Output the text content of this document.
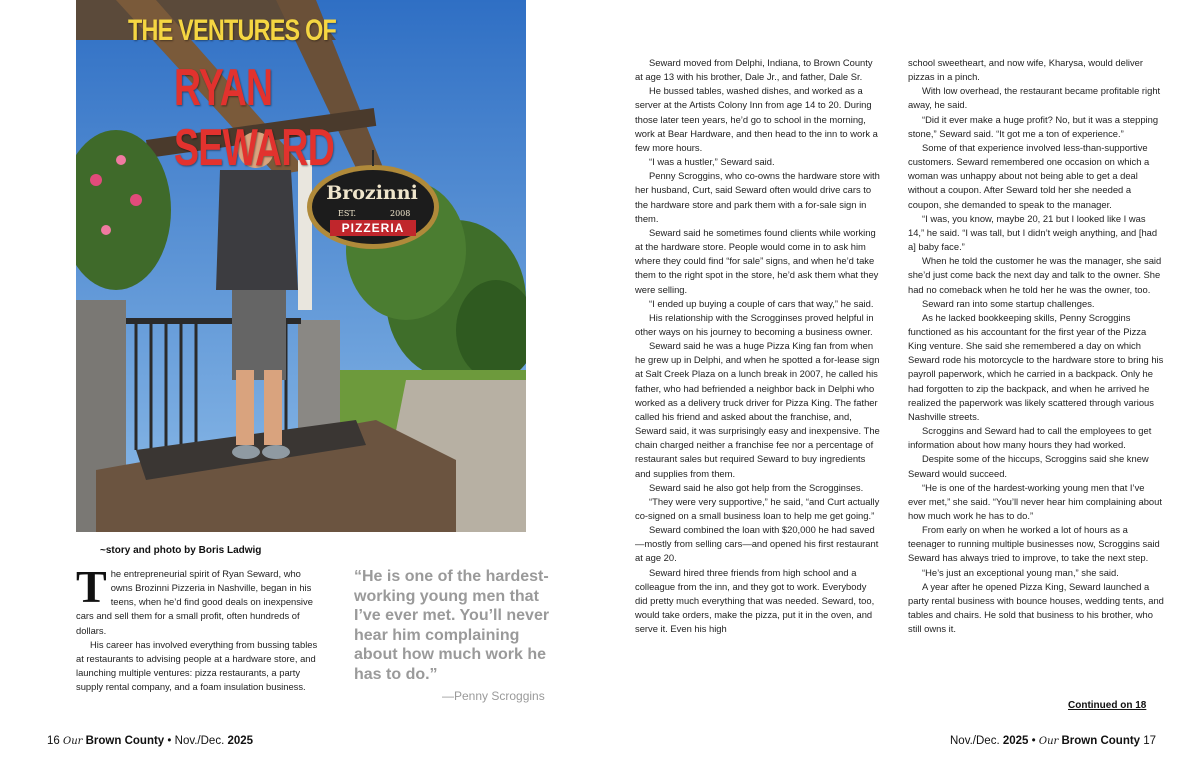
THE VENTURES OF
RYAN SEWARD
Brozinni
EST.	2008
PIZZERIA
~story and photo by Boris Ladwig

The entrepreneurial spirit of Ryan Seward, who owns Brozinni Pizzeria in Nashville, began in his teens, when he’d find good deals on inexpensive cars and sell them for a small profit, often hundreds of dollars.

His career has involved everything from bussing tables at restaurants to advising people at a hardware store, and launching multiple ventures: pizza restaurants, a party supply rental company, and a foam insulation business.

“He is one of the hardest-working young men that I’ve ever met. You’ll never hear him complaining about how much work he has to do.”
—Penny Scroggins

Seward moved from Delphi, Indiana, to Brown County at age 13 with his brother, Dale Jr., and father, Dale Sr.

He bussed tables, washed dishes, and worked as a server at the Artists Colony Inn from age 14 to 20. During those later teen years, he’d go to school in the morning, work at Bear Hardware, and then head to the inn to work a few more hours.

“I was a hustler,” Seward said.

Penny Scroggins, who co-owns the hardware store with her husband, Curt, said Seward often would drive cars to the hardware store and park them with a for-sale sign in them.

Seward said he sometimes found clients while working at the hardware store. People would come in to ask him where they could find “for sale” signs, and when he’d take them to the right spot in the store, he’d ask them what they were selling.

“I ended up buying a couple of cars that way,” he said.

His relationship with the Scrogginses proved helpful in other ways on his journey to becoming a business owner.

Seward said he was a huge Pizza King fan from when he grew up in Delphi, and when he spotted a for-lease sign at Salt Creek Plaza on a lunch break in 2007, he called his father, who had befriended a neighbor back in Delphi who worked as a delivery truck driver for Pizza King. The father called his friend and asked about the franchise, and, Seward said, it was surprisingly easy and inexpensive. The chain charged neither a franchise fee nor a percentage of restaurant sales but required Seward to buy ingredients and supplies from them.

Seward said he also got help from the Scrogginses.

“They were very supportive,” he said, “and Curt actually co-signed on a small business loan to help me get going.”

Seward combined the loan with $20,000 he had saved—mostly from selling cars—and opened his first restaurant at age 20.

Seward hired three friends from high school and a colleague from the inn, and they got to work. Everybody did pretty much everything that was needed. Seward, too, would take orders, make the pizza, put it in the oven, and serve it. Even his high

school sweetheart, and now wife, Kharysa, would deliver pizzas in a pinch.

With low overhead, the restaurant became profitable right away, he said.

“Did it ever make a huge profit? No, but it was a stepping stone,” Seward said. “It got me a ton of experience.”

Some of that experience involved less-than-supportive customers. Seward remembered one occasion on which a woman was unhappy about not being able to get a deal without a coupon. After Seward told her she needed a coupon, she demanded to speak to the manager.

“I was, you know, maybe 20, 21 but I looked like I was 14,” he said. “I was tall, but I didn’t weigh anything, and [had a] baby face.”

When he told the customer he was the manager, she said she’d just come back the next day and talk to the owner. She had no comeback when he told her he was the owner, too.

Seward ran into some startup challenges.

As he lacked bookkeeping skills, Penny Scroggins functioned as his accountant for the first year of the Pizza King venture. She said she remembered a day on which Seward rode his motorcycle to the hardware store to bring his payroll paperwork, which he carried in a backpack. Only he had forgotten to zip the backpack, and when he arrived he realized the paperwork was likely scattered through various Nashville streets.

Scroggins and Seward had to call the employees to get information about how many hours they had worked.

Despite some of the hiccups, Scroggins said she knew Seward would succeed.

“He is one of the hardest-working young men that I’ve ever met,” she said. “You’ll never hear him complaining about how much work he has to do.”

From early on when he worked a lot of hours as a teenager to running multiple businesses now, Scroggins said Seward has always tried to improve, to take the next step.

“He’s just an exceptional young man,” she said.

A year after he opened Pizza King, Seward launched a party rental business with bounce houses, wedding tents, and tables and chairs. He sold that business to his brother, who still owns it.

Continued on 18
16 Our Brown County • Nov./Dec. 2025	Nov./Dec. 2025 • Our Brown County 17
